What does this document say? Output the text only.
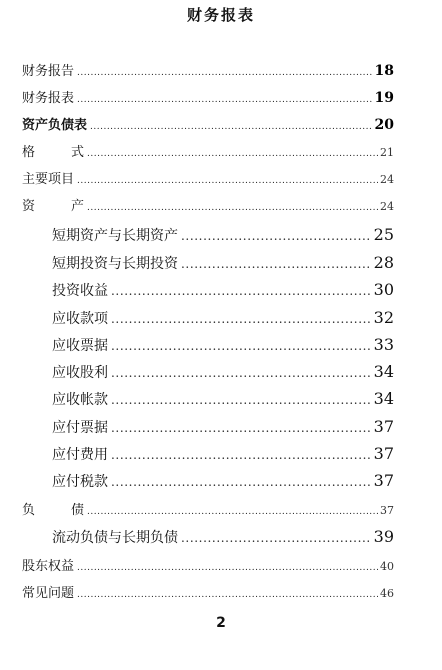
财务报表
财务报告 .....	18
财务报表 .....	19
资产负债表 .....	20
格	式 .....	21
主要项目 .....	24
资	产 .....	24
短期资产与长期资产 .....	25
短期投资与长期投资 .....	28
投资收益 .....	30
应收款项 .....	32
应收票据 .....	33
应收股利 .....	34
应收帐款 .....	34
应付票据 .....	37
应付费用 .....	37
应付税款 .....	37
负	债 .....	37
流动负债与长期负债 .....	39
股东权益 .....	40
常见问题 .....	46
2
